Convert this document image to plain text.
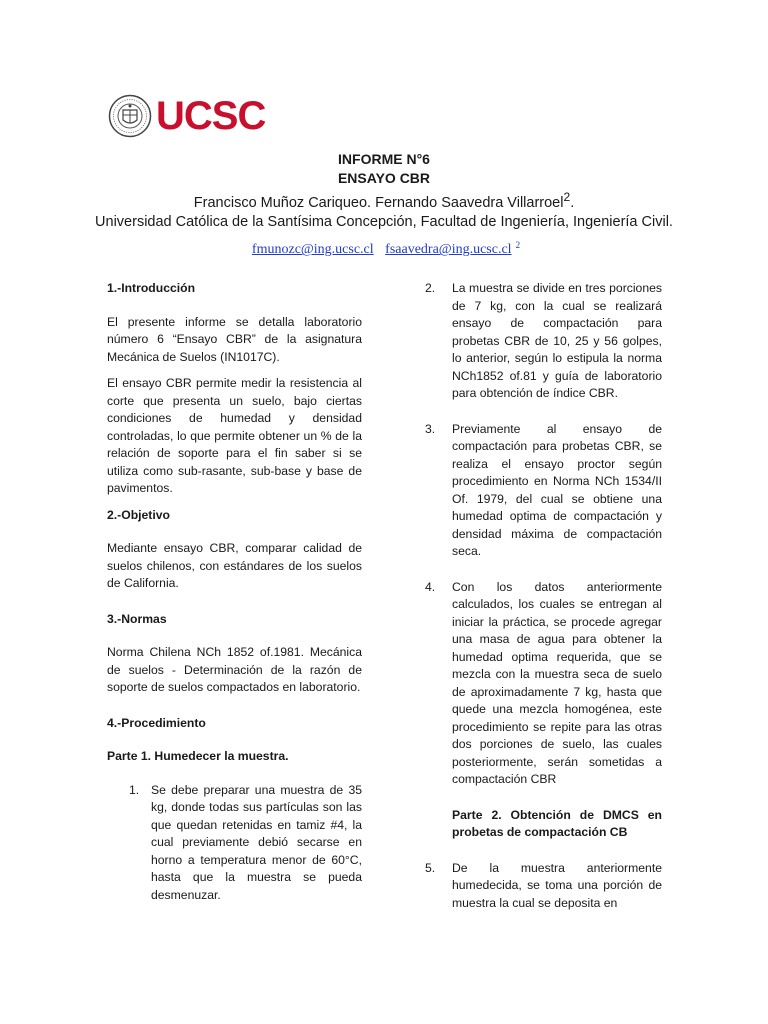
UCSC
INFORME N°6
ENSAYO CBR
Francisco Muñoz Cariqueo. Fernando Saavedra Villarroel$^2$.
Universidad Católica de la Santísima Concepción, Facultad de Ingeniería, Ingeniería Civil.
fmunozc@ing.ucsc.cl fsaavedra@ing.ucsc.cl $^2$
1.-Introducción

El presente informe se detalla laboratorio número 6 “Ensayo CBR” de la asignatura Mecánica de Suelos (IN1017C).

El ensayo CBR permite medir la resistencia al corte que presenta un suelo, bajo ciertas condiciones de humedad y densidad controladas, lo que permite obtener un % de la relación de soporte para el fin saber si se utiliza como sub-rasante, sub-base y base de pavimentos.

2.-Objetivo

Mediante ensayo CBR, comparar calidad de suelos chilenos, con estándares de los suelos de California.

3.-Normas

Norma Chilena NCh 1852 of.1981. Mecánica de suelos - Determinación de la razón de soporte de suelos compactados en laboratorio.

4.-Procedimiento
Parte 1. Humedecer la muestra.
1. Se debe preparar una muestra de 35 kg, donde todas sus partículas son las que quedan retenidas en tamiz #4, la cual previamente debió secarse en horno a temperatura menor de 60°C, hasta que la muestra se pueda desmenuzar.
2.	La muestra se divide en tres porciones de 7 kg, con la cual se realizará ensayo de compactación para probetas CBR de 10, 25 y 56 golpes, lo anterior, según lo estipula la norma NCh1852 of.81 y guía de laboratorio para obtención de índice CBR.
3.	Previamente al ensayo de compactación para probetas CBR, se realiza el ensayo proctor según procedimiento en Norma NCh 1534/II Of. 1979, del cual se obtiene una humedad optima de compactación y densidad máxima de compactación seca.
4.	Con los datos anteriormente calculados, los cuales se entregan al iniciar la práctica, se procede agregar una masa de agua para obtener la humedad optima requerida, que se mezcla con la muestra seca de suelo de aproximadamente 7 kg, hasta que quede una mezcla homogénea, este procedimiento se repite para las otras dos porciones de suelo, las cuales posteriormente, serán sometidas a compactación CBR
Parte 2. Obtención de DMCS en probetas de compactación CB
5.	De la muestra anteriormente humedecida, se toma una porción de muestra la cual se deposita en
